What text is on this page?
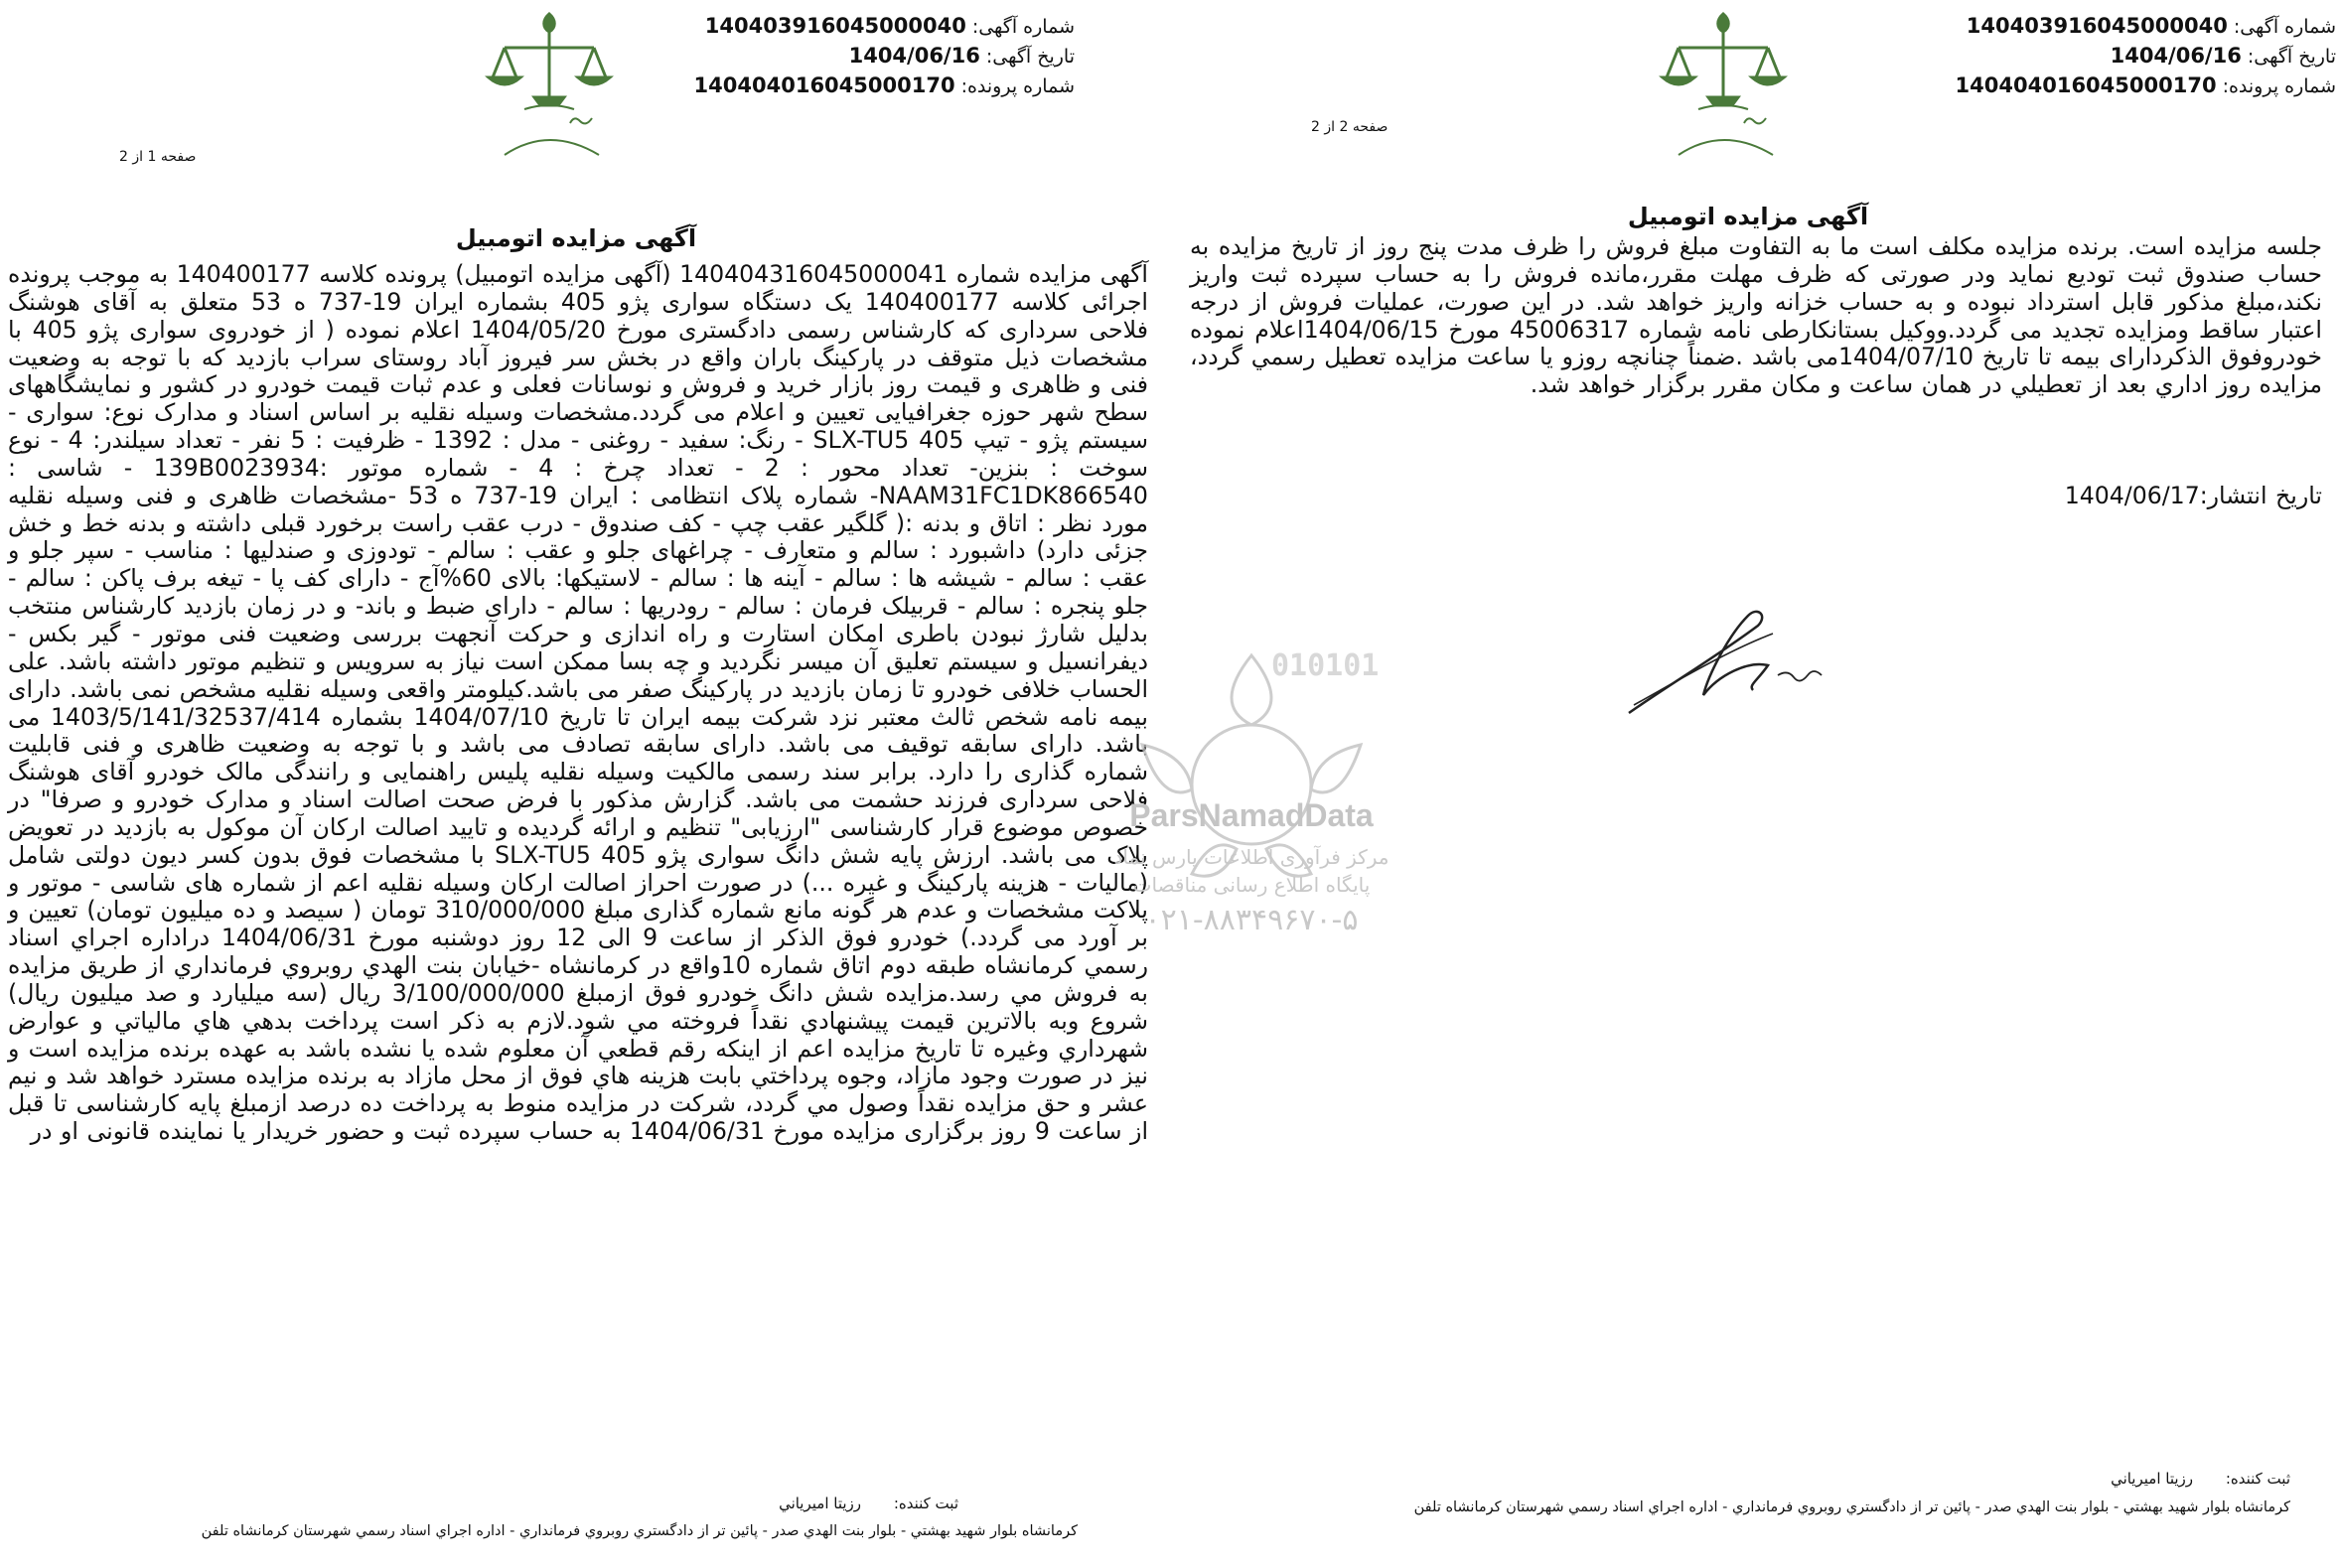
شماره آگهی:140403916045000040
تاریخ آگهی:1404/06/16
شماره پرونده:140404016045000170
صفحه 1 از 2
آگهی مزایده اتومبیل
آگهی مزایده شماره 140404316045000041 (آگهی مزایده اتومبیل) پرونده کلاسه 140400177 به موجب پرونده اجرائی کلاسه 140400177 یک دستگاه سواری پژو 405 بشماره ایران 19-737 ه 53 متعلق به آقای هوشنگ فلاحی سرداری که کارشناس رسمی دادگستری مورخ 1404/05/20 اعلام نموده ( از خودروی سواری پژو 405 با مشخصات ذیل متوقف در پارکینگ باران واقع در بخش سر فیروز آباد روستای سراب بازدید که با توجه به وضعیت فنی و ظاهری و قیمت روز بازار خرید و فروش و نوسانات فعلی و عدم ثبات قیمت خودرو در کشور و نمایشگاههای سطح شهر حوزه جغرافیایی تعیین و اعلام می گردد.مشخصات وسیله نقلیه بر اساس اسناد و مدارک نوع: سواری - سیستم پژو - تیپ SLX-TU5 405 - رنگ: سفید - روغنی - مدل : 1392 - ظرفیت : 5 نفر - تعداد سیلندر: 4 - نوع سوخت : بنزین- تعداد محور : 2 - تعداد چرخ : 4 - شماره موتور :139B0023934 - شاسی : NAAM31FC1DK866540- شماره پلاک انتظامی : ایران 19-737 ه 53 -مشخصات ظاهری و فنی وسیله نقلیه مورد نظر : اتاق و بدنه :( گلگیر عقب چپ - کف صندوق - درب عقب راست برخورد قبلی داشته و بدنه خط و خش جزئی دارد) داشبورد : سالم و متعارف - چراغهای جلو و عقب : سالم - تودوزی و صندلیها : مناسب - سپر جلو و عقب : سالم - شیشه ها : سالم - آینه ها : سالم - لاستیکها: بالای 60%آج - دارای کف پا - تیغه برف پاکن : سالم - جلو پنجره : سالم - قربیلک فرمان : سالم - رودریها : سالم - دارای ضبط و باند- و در زمان بازدید کارشناس منتخب بدلیل شارژ نبودن باطری امکان استارت و راه اندازی و حرکت آنجهت بررسی وضعیت فنی موتور - گیر بکس - دیفرانسیل و سیستم تعلیق آن میسر نگردید و چه بسا ممکن است نیاز به سرویس و تنظیم موتور داشته باشد. علی الحساب خلافی خودرو تا زمان بازدید در پارکینگ صفر می باشد.کیلومتر واقعی وسیله نقلیه مشخص نمی باشد. دارای بیمه نامه شخص ثالث معتبر نزد شرکت بیمه ایران تا تاریخ 1404/07/10 بشماره 1403/5/141/32537/414 می باشد. دارای سابقه توقیف می باشد. دارای سابقه تصادف می باشد و با توجه به وضعیت ظاهری و فنی قابلیت شماره گذاری را دارد. برابر سند رسمی مالکیت وسیله نقلیه پلیس راهنمایی و رانندگی مالک خودرو آقای هوشنگ فلاحی سرداری فرزند حشمت می باشد. گزارش مذکور با فرض صحت اصالت اسناد و مدارک خودرو و صرفا" در خصوص موضوع قرار کارشناسی "ارزیابی" تنظیم و ارائه گردیده و تایید اصالت ارکان آن موکول به بازدید در تعویض پلاک می باشد. ارزش پایه شش دانگ سواری پژو 405 SLX-TU5 با مشخصات فوق بدون کسر دیون دولتی شامل (مالیات - هزینه پارکینگ و غیره ...) در صورت احراز اصالت ارکان وسیله نقلیه اعم از شماره های شاسی - موتور و پلاکت مشخصات و عدم هر گونه مانع شماره گذاری مبلغ 310/000/000 تومان ( سیصد و ده میلیون تومان) تعیین و بر آورد می گردد.) خودرو فوق الذکر از ساعت 9 الی 12 روز دوشنبه مورخ 1404/06/31 دراداره اجراي اسناد رسمي کرمانشاه طبقه دوم اتاق شماره 10واقع در کرمانشاه -خيابان بنت الهدي روبروي فرمانداري از طريق مزايده به فروش مي رسد.مزايده شش دانگ خودرو فوق ازمبلغ 3/100/000/000 ريال (سه ميليارد و صد ميليون ريال) شروع وبه بالاترين قيمت پيشنهادي نقداً فروخته مي شود.لازم به ذکر است پرداخت بدهي هاي مالياتي و عوارض شهرداري وغيره تا تاريخ مزايده اعم از اينکه رقم قطعي آن معلوم شده يا نشده باشد به عهده برنده مزايده است و نيز در صورت وجود مازاد، وجوه پرداختي بابت هزينه هاي فوق از محل مازاد به برنده مزايده مسترد خواهد شد و نيم عشر و حق مزايده نقداً وصول مي گردد، شرکت در مزايده منوط به پرداخت ده درصد ازمبلغ پايه کارشناسی تا قبل از ساعت 9 روز برگزاری مزايده مورخ 1404/06/31 به حساب سپرده ثبت و حضور خريدار يا نماينده قانونی او در
ثبت کننده: رزيتا اميرياني
کرمانشاه بلوار شهيد بهشتي - بلوار بنت الهدي صدر - پائين تر از دادگستري روبروي فرمانداري - اداره اجراي اسناد رسمي شهرستان کرمانشاه تلفن
شماره آگهی:140403916045000040
تاریخ آگهی:1404/06/16
شماره پرونده:140404016045000170
صفحه 2 از 2
آگهی مزایده اتومبیل
جلسه مزايده است. برنده مزايده مکلف است ما به التفاوت مبلغ فروش را ظرف مدت پنج روز از تاريخ مزايده به حساب صندوق ثبت توديع نمايد ودر صورتی که ظرف مهلت مقرر،مانده فروش را به حساب سپرده ثبت واريز نکند،مبلغ مذکور قابل استرداد نبوده و به حساب خزانه واريز خواهد شد. در اين صورت، عمليات فروش از درجه اعتبار ساقط ومزايده تجديد می گردد.ووکيل بستانکارطی نامه شماره 45006317 مورخ 1404/06/15اعلام نموده خودروفوق الذکردارای بيمه تا تاريخ 1404/07/10می باشد .ضمناً چنانچه روزو يا ساعت مزايده تعطيل رسمي گردد، مزايده روز اداري بعد از تعطيلي در همان ساعت و مکان مقرر برگزار خواهد شد.
تاريخ انتشار:1404/06/17
ثبت کننده: رزيتا اميرياني
کرمانشاه بلوار شهيد بهشتي - بلوار بنت الهدي صدر - پائين تر از دادگستري روبروي فرمانداري - اداره اجراي اسناد رسمي شهرستان کرمانشاه تلفن
010101
ParsNamadData
مرکز فرآوری اطلاعات پارس نماد
پایگاه اطلاع رسانی مناقصات
۰۲۱-۸۸۳۴۹۶۷۰-۵
